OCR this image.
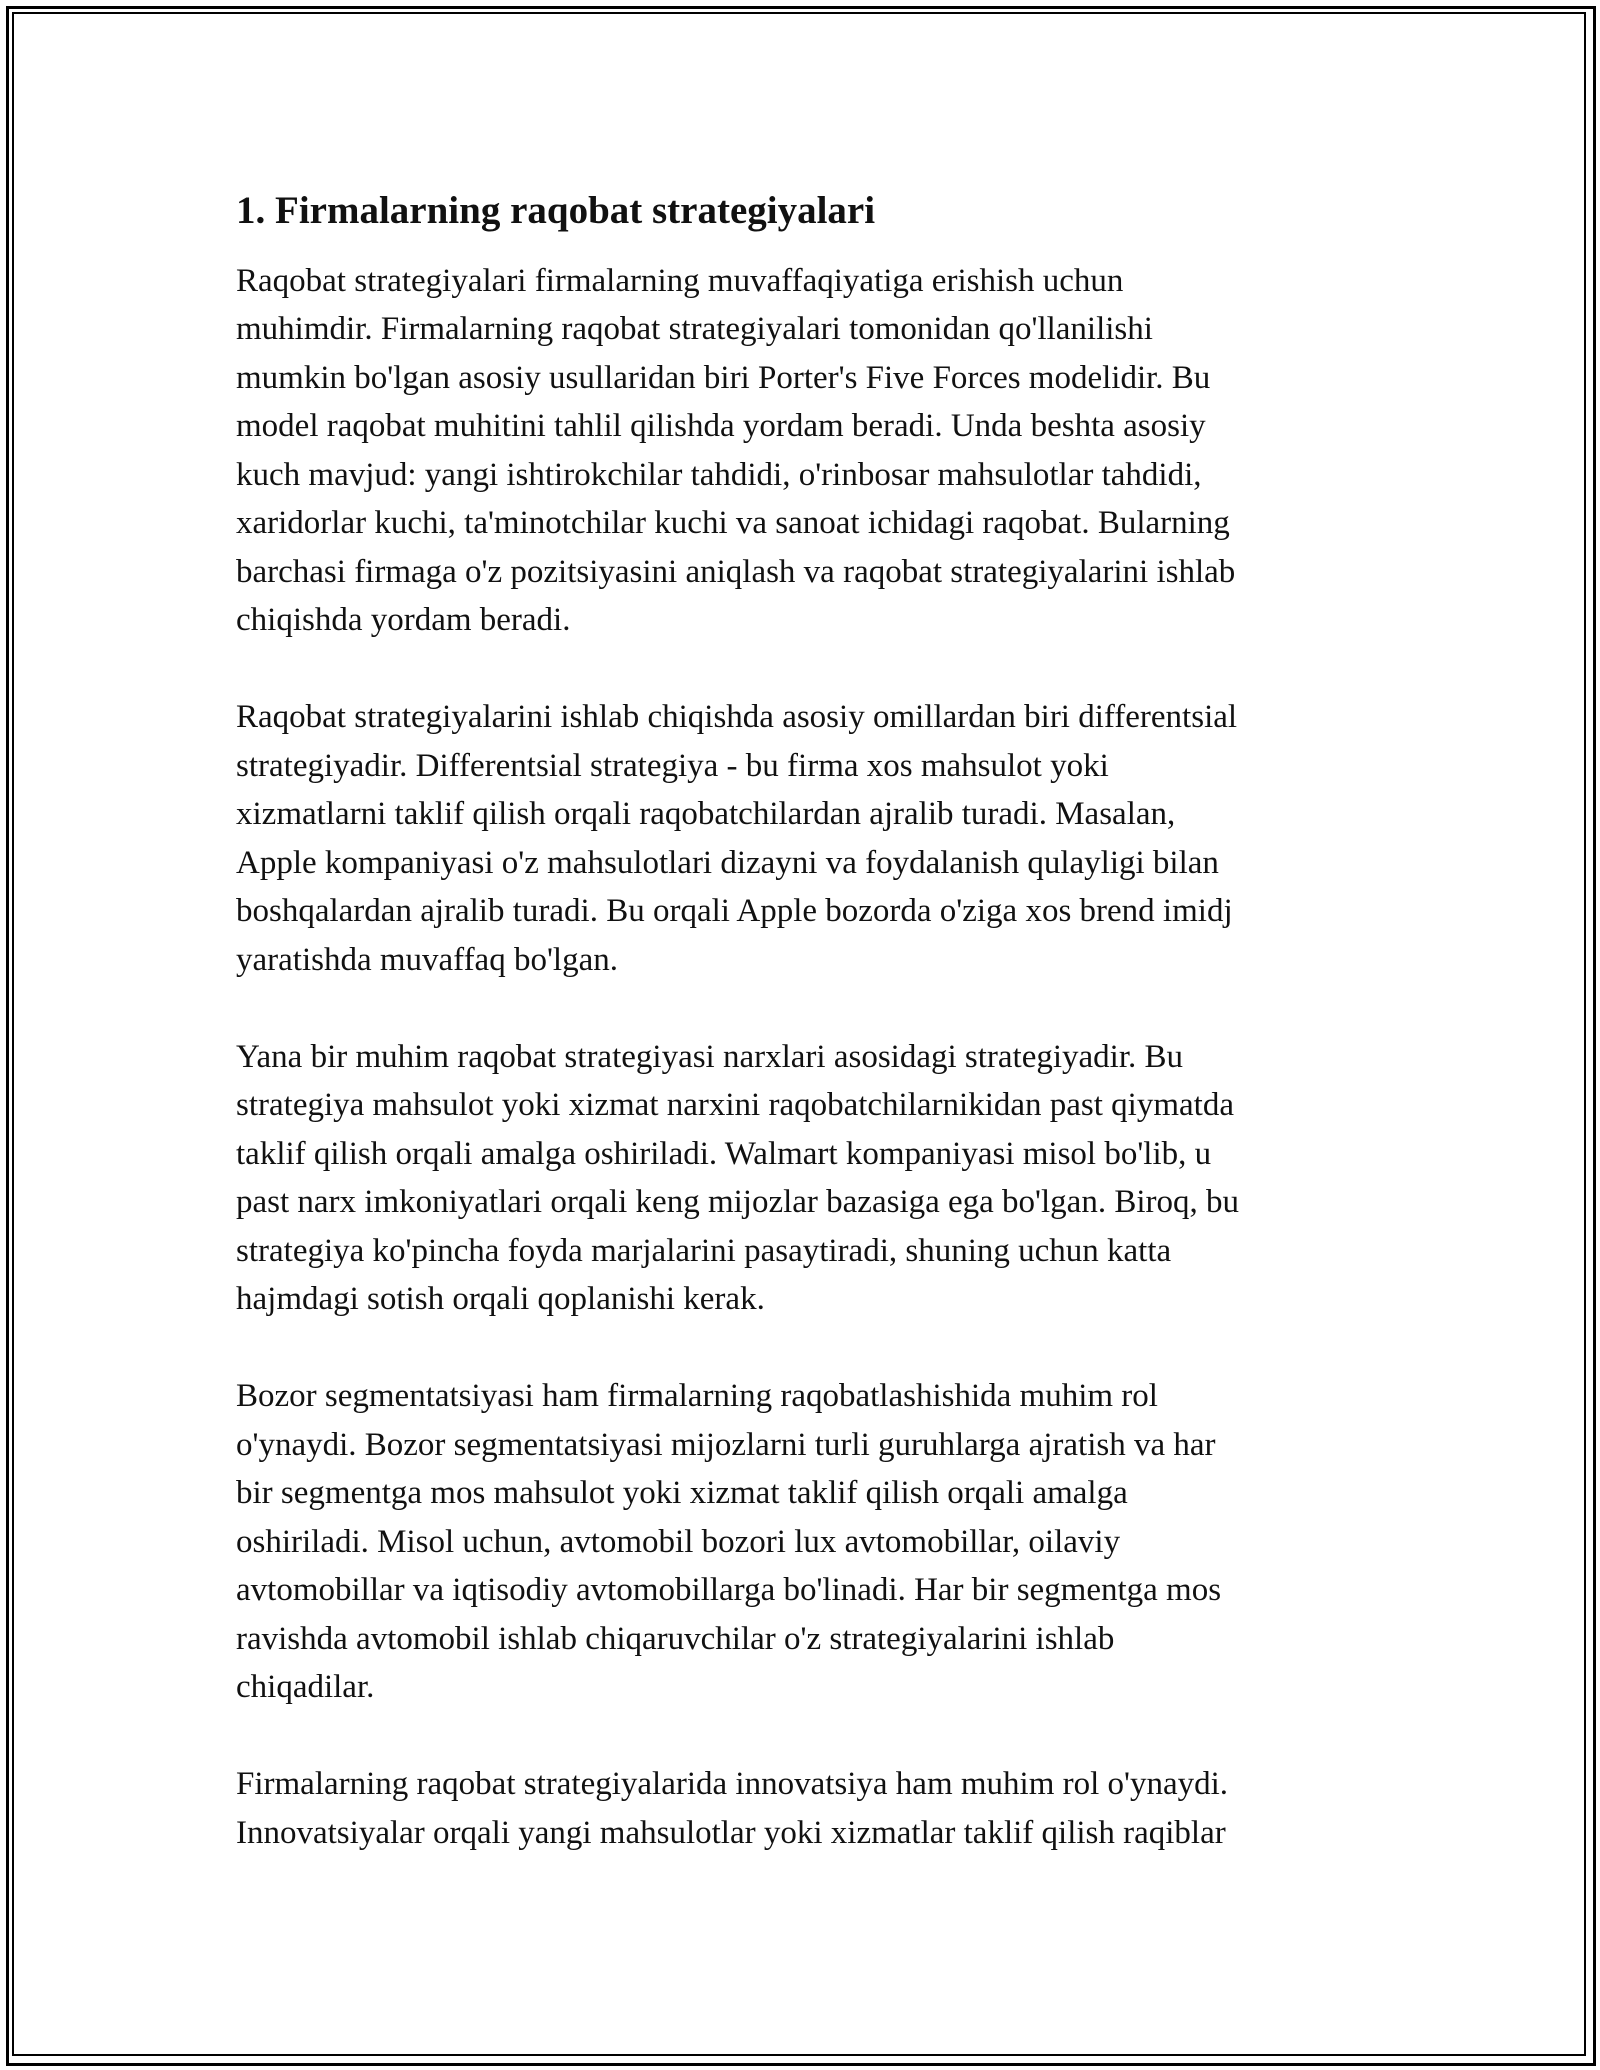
1. Firmalarning raqobat strategiyalari

Raqobat strategiyalari firmalarning muvaffaqiyatiga erishish uchun
muhimdir. Firmalarning raqobat strategiyalari tomonidan qo'llanilishi
mumkin bo'lgan asosiy usullaridan biri Porter's Five Forces modelidir. Bu
model raqobat muhitini tahlil qilishda yordam beradi. Unda beshta asosiy
kuch mavjud: yangi ishtirokchilar tahdidi, o'rinbosar mahsulotlar tahdidi,
xaridorlar kuchi, ta'minotchilar kuchi va sanoat ichidagi raqobat. Bularning
barchasi firmaga o'z pozitsiyasini aniqlash va raqobat strategiyalarini ishlab
chiqishda yordam beradi.

Raqobat strategiyalarini ishlab chiqishda asosiy omillardan biri differentsial
strategiyadir. Differentsial strategiya - bu firma xos mahsulot yoki
xizmatlarni taklif qilish orqali raqobatchilardan ajralib turadi. Masalan,
Apple kompaniyasi o'z mahsulotlari dizayni va foydalanish qulayligi bilan
boshqalardan ajralib turadi. Bu orqali Apple bozorda o'ziga xos brend imidj
yaratishda muvaffaq bo'lgan.

Yana bir muhim raqobat strategiyasi narxlari asosidagi strategiyadir. Bu
strategiya mahsulot yoki xizmat narxini raqobatchilarnikidan past qiymatda
taklif qilish orqali amalga oshiriladi. Walmart kompaniyasi misol bo'lib, u
past narx imkoniyatlari orqali keng mijozlar bazasiga ega bo'lgan. Biroq, bu
strategiya ko'pincha foyda marjalarini pasaytiradi, shuning uchun katta
hajmdagi sotish orqali qoplanishi kerak.

Bozor segmentatsiyasi ham firmalarning raqobatlashishida muhim rol
o'ynaydi. Bozor segmentatsiyasi mijozlarni turli guruhlarga ajratish va har
bir segmentga mos mahsulot yoki xizmat taklif qilish orqali amalga
oshiriladi. Misol uchun, avtomobil bozori lux avtomobillar, oilaviy
avtomobillar va iqtisodiy avtomobillarga bo'linadi. Har bir segmentga mos
ravishda avtomobil ishlab chiqaruvchilar o'z strategiyalarini ishlab
chiqadilar.

Firmalarning raqobat strategiyalarida innovatsiya ham muhim rol o'ynaydi.
Innovatsiyalar orqali yangi mahsulotlar yoki xizmatlar taklif qilish raqiblar
